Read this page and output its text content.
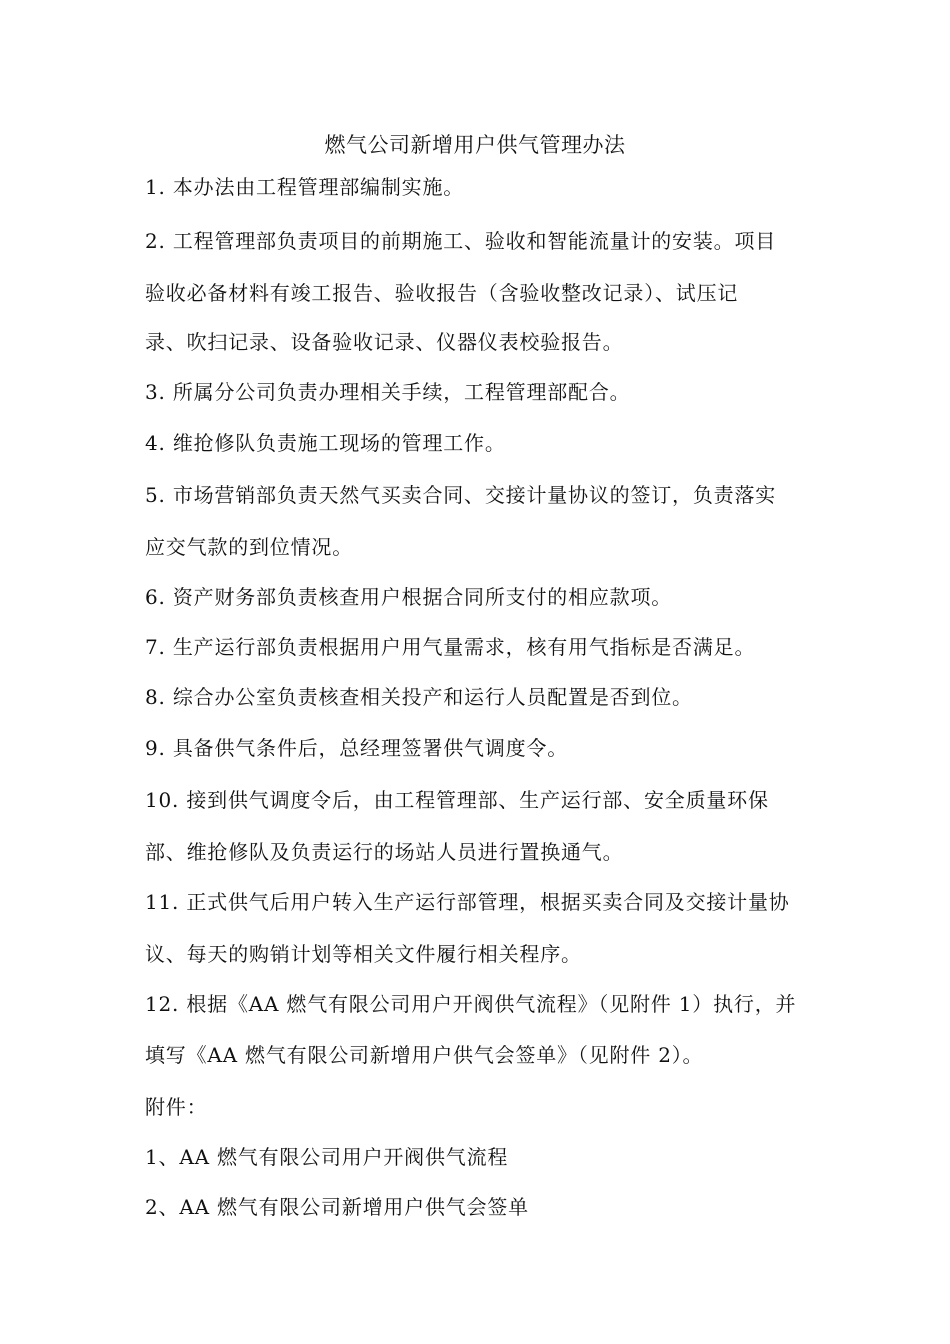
燃气公司新增用户供气管理办法
1. 本办法由工程管理部编制实施。
2. 工程管理部负责项目的前期施工、验收和智能流量计的安装。项目
验收必备材料有竣工报告、验收报告（含验收整改记录）、试压记
录、吹扫记录、设备验收记录、仪器仪表校验报告。
3. 所属分公司负责办理相关手续，工程管理部配合。
4. 维抢修队负责施工现场的管理工作。
5. 市场营销部负责天然气买卖合同、交接计量协议的签订，负责落实
应交气款的到位情况。
6. 资产财务部负责核查用户根据合同所支付的相应款项。
7. 生产运行部负责根据用户用气量需求，核有用气指标是否满足。
8. 综合办公室负责核查相关投产和运行人员配置是否到位。
9. 具备供气条件后，总经理签署供气调度令。
10. 接到供气调度令后，由工程管理部、生产运行部、安全质量环保
部、维抢修队及负责运行的场站人员进行置换通气。
11. 正式供气后用户转入生产运行部管理，根据买卖合同及交接计量协
议、每天的购销计划等相关文件履行相关程序。
12. 根据《AA 燃气有限公司用户开阀供气流程》（见附件 1）执行，并
填写《AA 燃气有限公司新增用户供气会签单》（见附件 2）。
附件：
1、AA 燃气有限公司用户开阀供气流程
2、AA 燃气有限公司新增用户供气会签单
